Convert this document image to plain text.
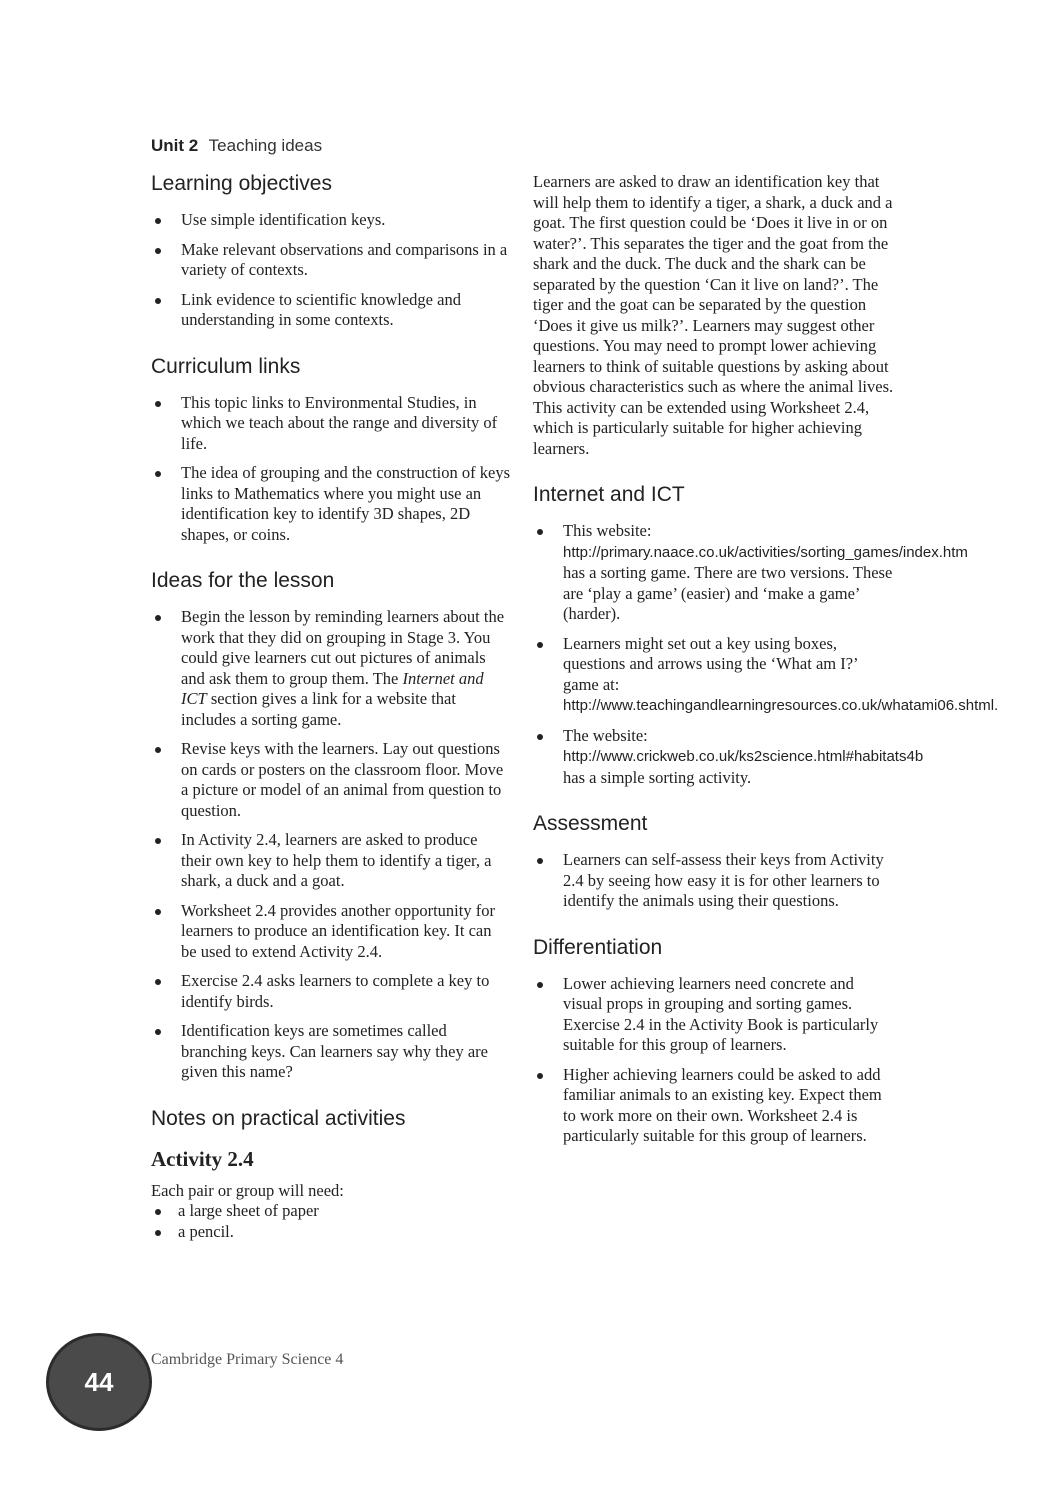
Unit 2 Teaching ideas
Learning objectives
Use simple identification keys.
Make relevant observations and comparisons in a variety of contexts.
Link evidence to scientific knowledge and understanding in some contexts.
Curriculum links
This topic links to Environmental Studies, in which we teach about the range and diversity of life.
The idea of grouping and the construction of keys links to Mathematics where you might use an identification key to identify 3D shapes, 2D shapes, or coins.
Ideas for the lesson
Begin the lesson by reminding learners about the work that they did on grouping in Stage 3. You could give learners cut out pictures of animals and ask them to group them. The Internet and ICT section gives a link for a website that includes a sorting game.
Revise keys with the learners. Lay out questions on cards or posters on the classroom floor. Move a picture or model of an animal from question to question.
In Activity 2.4, learners are asked to produce their own key to help them to identify a tiger, a shark, a duck and a goat.
Worksheet 2.4 provides another opportunity for learners to produce an identification key. It can be used to extend Activity 2.4.
Exercise 2.4 asks learners to complete a key to identify birds.
Identification keys are sometimes called branching keys. Can learners say why they are given this name?
Notes on practical activities
Activity 2.4

Each pair or group will need:

a large sheet of paper
a pencil.

Learners are asked to draw an identification key that will help them to identify a tiger, a shark, a duck and a goat. The first question could be ‘Does it live in or on water?’. This separates the tiger and the goat from the shark and the duck. The duck and the shark can be separated by the question ‘Can it live on land?’. The tiger and the goat can be separated by the question ‘Does it give us milk?’. Learners may suggest other questions. You may need to prompt lower achieving learners to think of suitable questions by asking about obvious characteristics such as where the animal lives. This activity can be extended using Worksheet 2.4, which is particularly suitable for higher achieving learners.

Internet and ICT
This website: http://primary.naace.co.uk/activities/sorting_games/index.htm has a sorting game. There are two versions. These are ‘play a game’ (easier) and ‘make a game’ (harder).
Learners might set out a key using boxes, questions and arrows using the ‘What am I?’ game at: http://www.teachingandlearningresources.co.uk/whatami06.shtml.
The website: http://www.crickweb.co.uk/ks2science.html#habitats4b has a simple sorting activity.
Assessment
Learners can self-assess their keys from Activity 2.4 by seeing how easy it is for other learners to identify the animals using their questions.
Differentiation
Lower achieving learners need concrete and visual props in grouping and sorting games. Exercise 2.4 in the Activity Book is particularly suitable for this group of learners.
Higher achieving learners could be asked to add familiar animals to an existing key. Expect them to work more on their own. Worksheet 2.4 is particularly suitable for this group of learners.
44
Cambridge Primary Science 4
